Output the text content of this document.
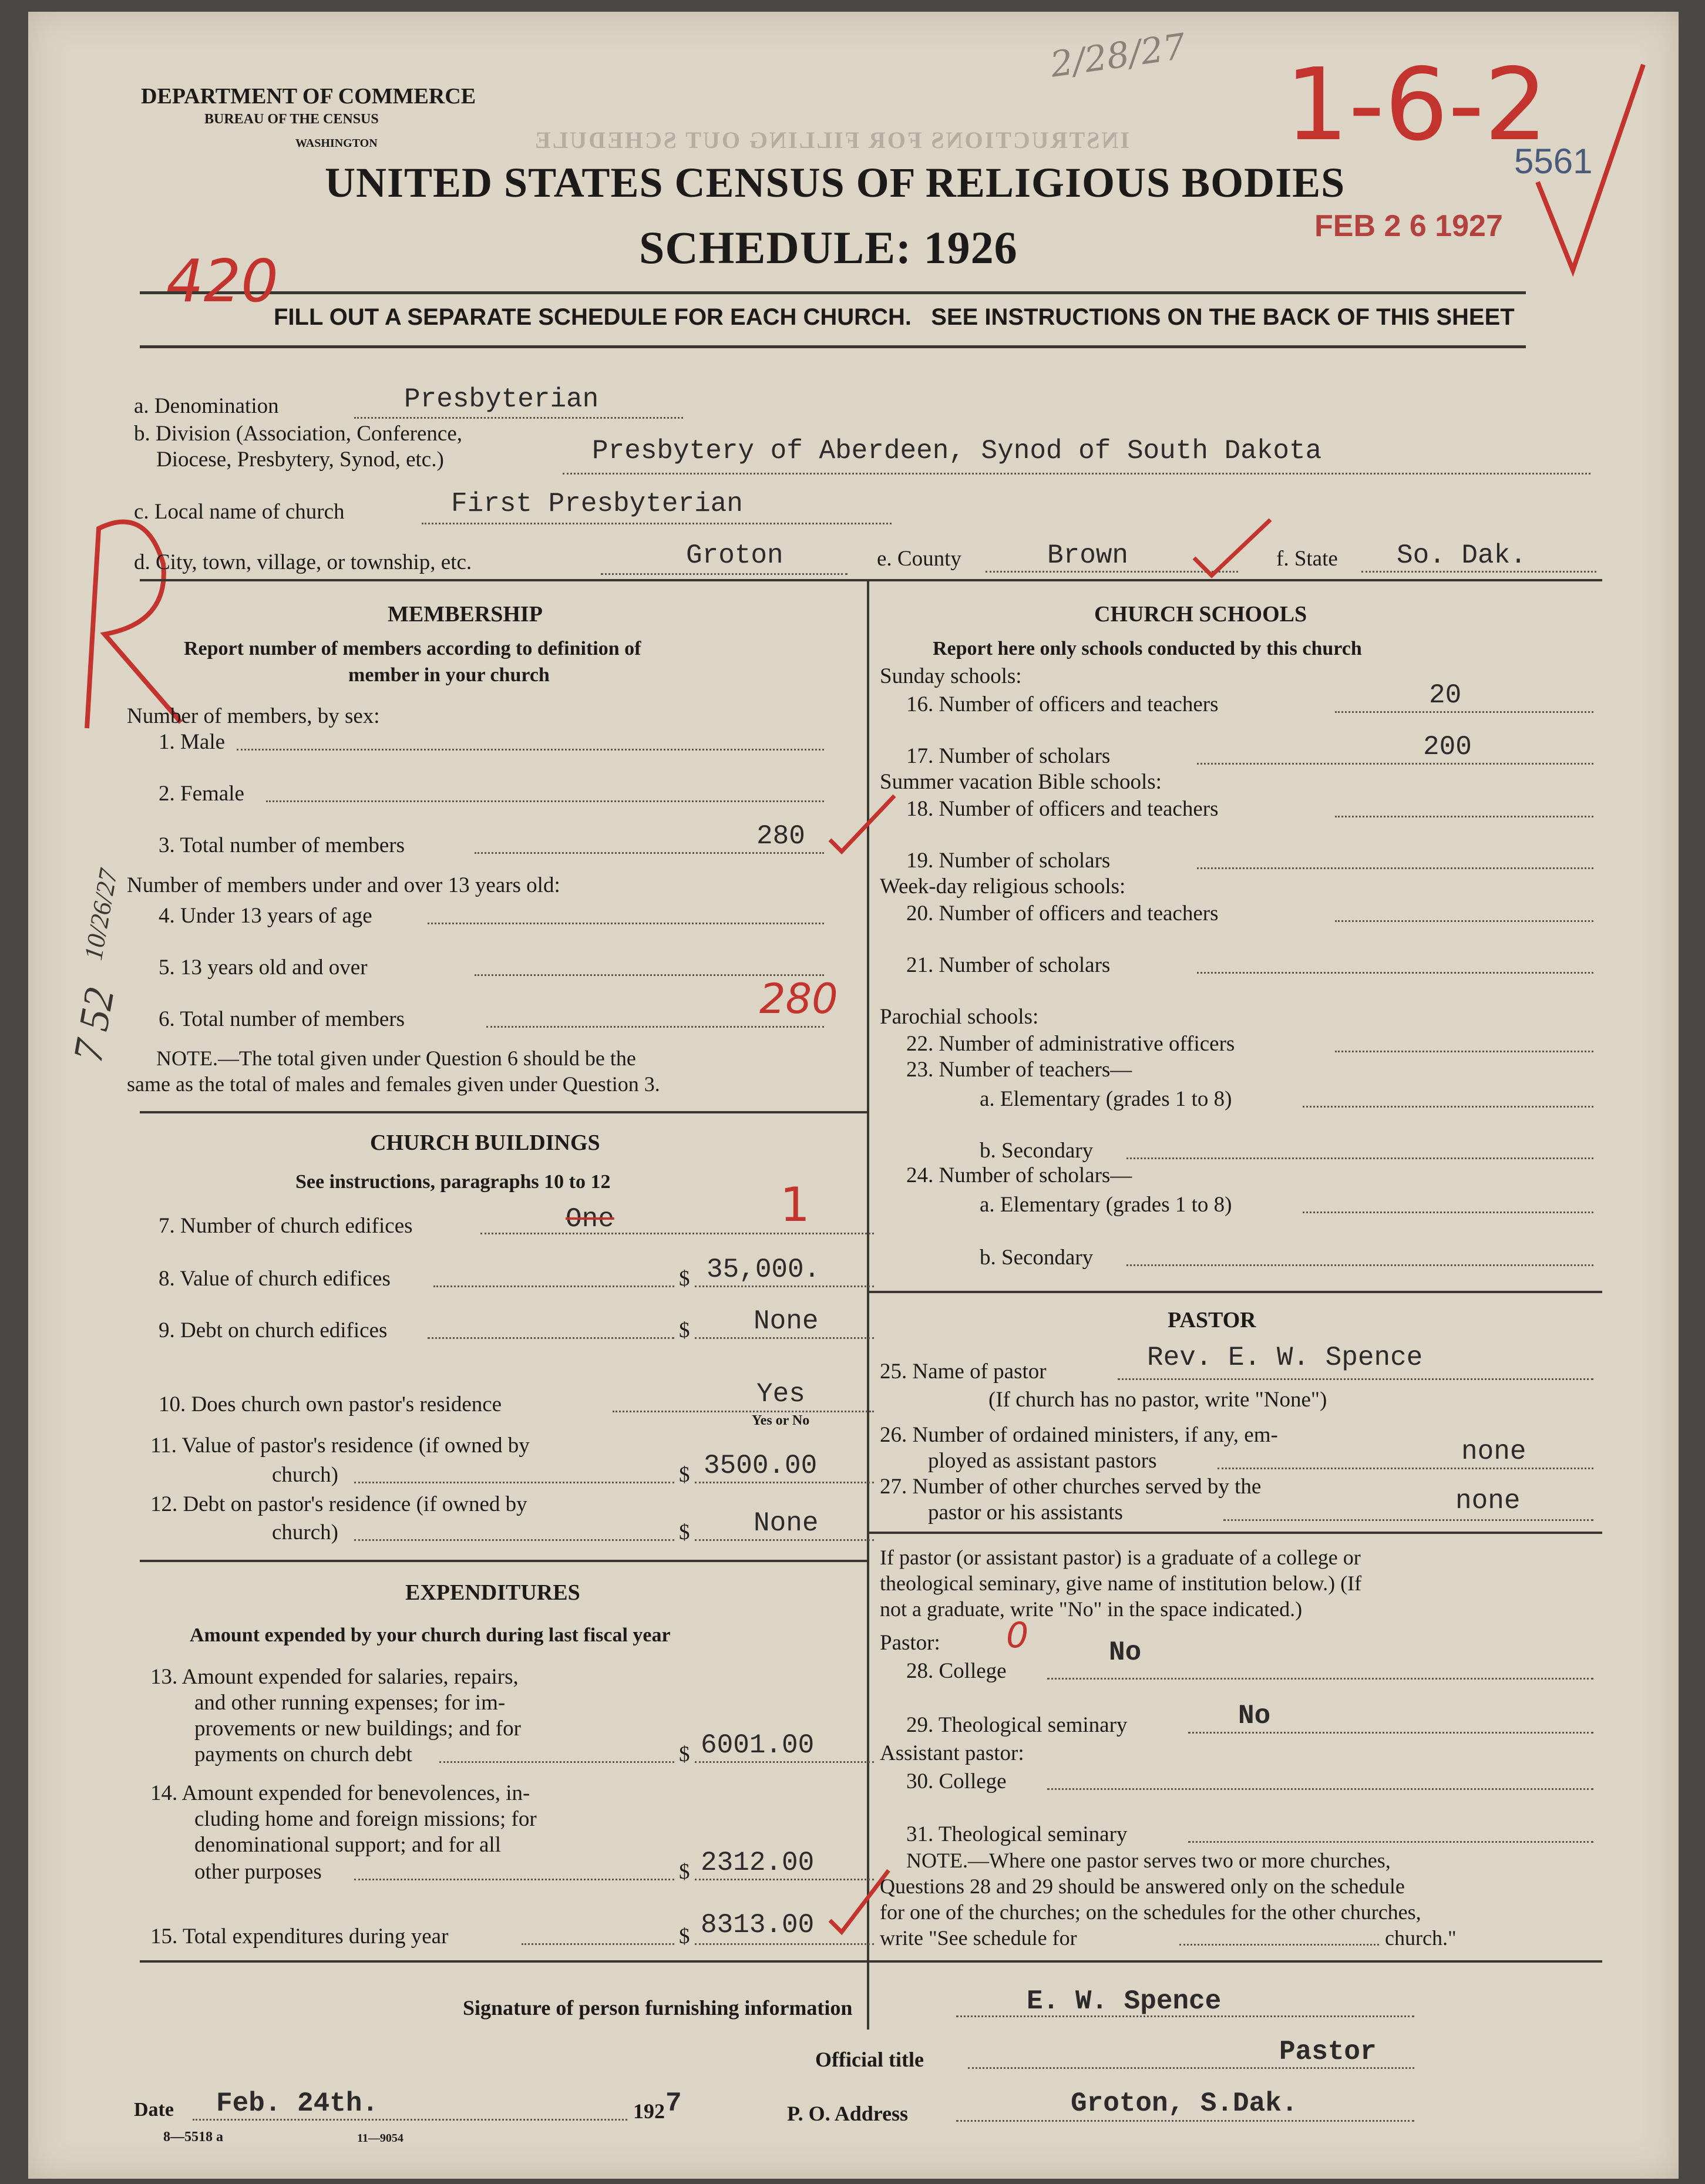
INSTRUCTIONS FOR FILLING OUT SCHEDULE
DEPARTMENT OF COMMERCE
BUREAU OF THE CENSUS
WASHINGTON
UNITED STATES CENSUS OF RELIGIOUS BODIES
SCHEDULE: 1926
FILL OUT A SEPARATE SCHEDULE FOR EACH CHURCH.   SEE INSTRUCTIONS ON THE BACK OF THIS SHEET
FEB 2 6 1927
5561
1-6-2
420
2/28/27
7 52
10/26/27
a. Denomination	Presbyterian
b. Division (Association, Conference,
Diocese, Presbytery, Synod, etc.)	Presbytery of Aberdeen, Synod of South Dakota
c. Local name of church	First Presbyterian
d. City, town, village, or township, etc.	Groton	e. County	Brown	f. State So. Dak.
MEMBERSHIP
Report number of members according to definition of
member in your church
Number of members, by sex:
1. Male
2. Female
3. Total number of members	280
Number of members under and over 13 years old:
4. Under 13 years of age
5. 13 years old and over
6. Total number of members	280
NOTE.—The total given under Question 6 should be the
same as the total of males and females given under Question 3.
CHURCH BUILDINGS
See instructions, paragraphs 10 to 12
7. Number of church edifices	One	1
8. Value of church edifices	$ 35,000.
9. Debt on church edifices	$ None
10. Does church own pastor's residence	Yes
Yes or No
11. Value of pastor's residence (if owned by
church)	$ 3500.00
12. Debt on pastor's residence (if owned by
church)	$ None
EXPENDITURES
Amount expended by your church during last fiscal year
13. Amount expended for salaries, repairs,
and other running expenses; for im-
provements or new buildings; and for
payments on church debt	$ 6001.00
14. Amount expended for benevolences, in-
cluding home and foreign missions; for
denominational support; and for all
other purposes	$ 2312.00
15. Total expenditures during year	$ 8313.00
CHURCH SCHOOLS
Report here only schools conducted by this church
Sunday schools:
16. Number of officers and teachers	20
17. Number of scholars	200
Summer vacation Bible schools:
18. Number of officers and teachers
19. Number of scholars
Week-day religious schools:
20. Number of officers and teachers
21. Number of scholars
Parochial schools:
22. Number of administrative officers
23. Number of teachers—
a. Elementary (grades 1 to 8)
b. Secondary
24. Number of scholars—
a. Elementary (grades 1 to 8)
b. Secondary
PASTOR
25. Name of pastor	Rev. E. W. Spence
(If church has no pastor, write "None")
26. Number of ordained ministers, if any, em-
ployed as assistant pastors	none
27. Number of other churches served by the
pastor or his assistants	none
If pastor (or assistant pastor) is a graduate of a college or
theological seminary, give name of institution below.) (If
not a graduate, write "No" in the space indicated.)
Pastor: 0
28. College
No
29. Theological seminary	No
Assistant pastor:
30. College
31. Theological seminary
NOTE.—Where one pastor serves two or more churches,
Questions 28 and 29 should be answered only on the schedule
for one of the churches; on the schedules for the other churches,
write "See schedule for	church."
Signature of person furnishing information	E. W. Spence
Official title	Pastor
Date Feb. 24th.	192 7	P. O. Address	Groton, S.Dak.
8—5518 a	11—9054
